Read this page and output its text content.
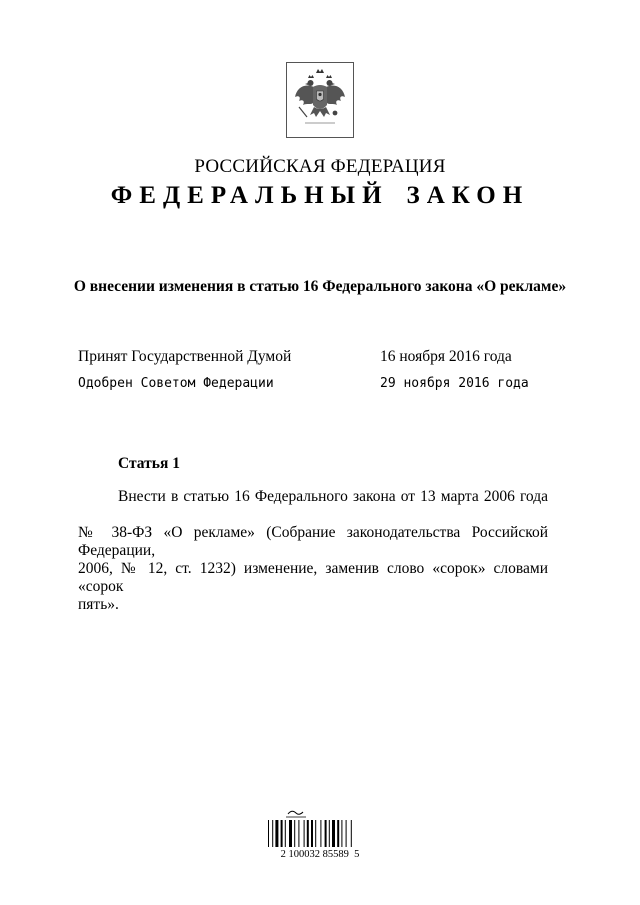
РОССИЙСКАЯ ФЕДЕРАЦИЯ
ФЕДЕРАЛЬНЫЙ ЗАКОН
О внесении изменения в статью 16 Федерального закона «О рекламе»
Принят Государственной Думой	16 ноября 2016 года
Одобрен Советом Федерации	29 ноября 2016 года
Статья 1
Внести в статью 16 Федерального закона от 13 марта 2006 года
№ 38-ФЗ «О рекламе» (Собрание законодательства Российской Федерации,
2006, № 12, ст. 1232) изменение, заменив слово «сорок» словами «сорок
пять».
2 100032 85589  5
